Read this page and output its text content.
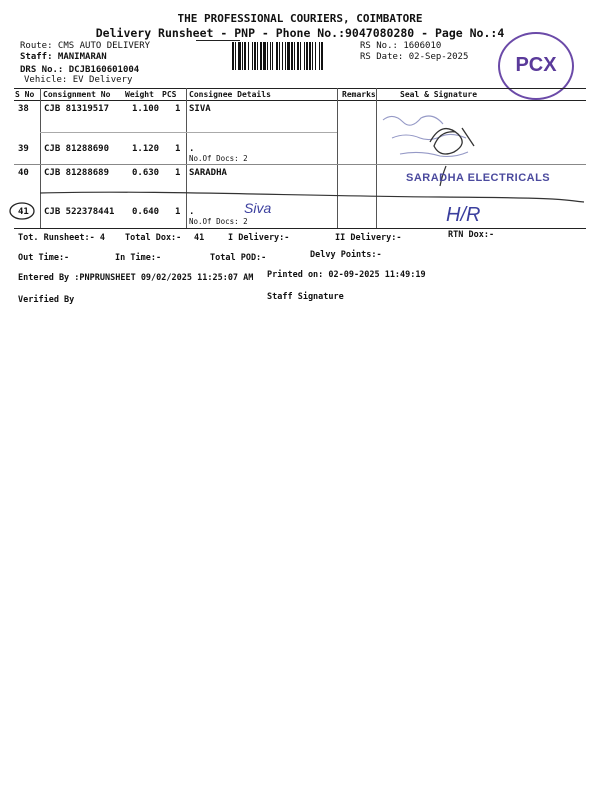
THE PROFESSIONAL COURIERS, COIMBATORE
Delivery Runsheet - PNP - Phone No.:9047080280 - Page No.:4
Route: CMS AUTO DELIVERY
Staff: MANIMARAN
DRS No.: DCJB160601004
Vehicle: EV Delivery
RS No.: 1606010
RS Date: 02-Sep-2025	PCX
S No Consignment No Weight PCS Consignee Details	Remarks	Seal & Signature
38 CJB 81319517	1.100 1 SIVA
39 CJB 81288690	1.120 1 .
No.Of Docs: 2
40 CJB 81288689	0.630 1 SARADHA
41 CJB 522378441 0.640 1 .
No.Of Docs: 2
Siva	H/R
SARADHA ELECTRICALS
Tot. Runsheet:- 4 Total Dox:- 41	I Delivery:-	II Delivery:-	RTN Dox:-
Out Time:-	In Time:-	Total POD:-	Delvy Points:-
Entered By :PNPRUNSHEET 09/02/2025 11:25:07 AM Printed on: 02-09-2025 11:49:19
Verified By	Staff Signature
